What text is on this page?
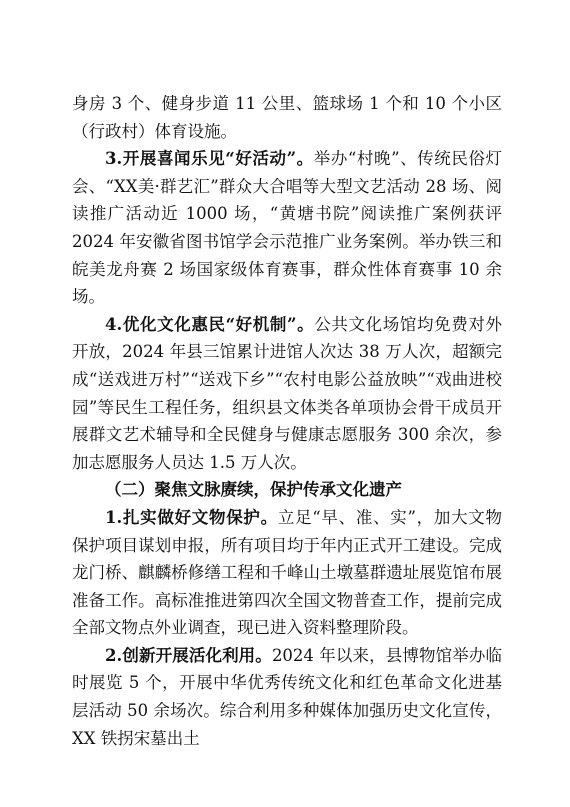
身房 3 个、健身步道 11 公里、篮球场 1 个和 10 个小区（行政村）体育设施。

3.开展喜闻乐见“好活动”。举办“村晚”、传统民俗灯会、“XX美·群艺汇”群众大合唱等大型文艺活动 28 场、阅读推广活动近 1000 场，“黄塘书院”阅读推广案例获评 2024 年安徽省图书馆学会示范推广业务案例。举办铁三和皖美龙舟赛 2 场国家级体育赛事，群众性体育赛事 10 余场。

4.优化文化惠民“好机制”。公共文化场馆均免费对外开放，2024 年县三馆累计进馆人次达 38 万人次，超额完成“送戏进万村”“送戏下乡”“农村电影公益放映”“戏曲进校园”等民生工程任务，组织县文体类各单项协会骨干成员开展群文艺术辅导和全民健身与健康志愿服务 300 余次，参加志愿服务人员达 1.5 万人次。

（二）聚焦文脉赓续，保护传承文化遗产

1.扎实做好文物保护。立足“早、准、实”，加大文物保护项目谋划申报，所有项目均于年内正式开工建设。完成龙门桥、麒麟桥修缮工程和千峰山土墩墓群遗址展览馆布展准备工作。高标准推进第四次全国文物普查工作，提前完成全部文物点外业调查，现已进入资料整理阶段。

2.创新开展活化利用。2024 年以来，县博物馆举办临时展览 5 个，开展中华优秀传统文化和红色革命文化进基层活动 50 余场次。综合利用多种媒体加强历史文化宣传，XX 铁拐宋墓出土
